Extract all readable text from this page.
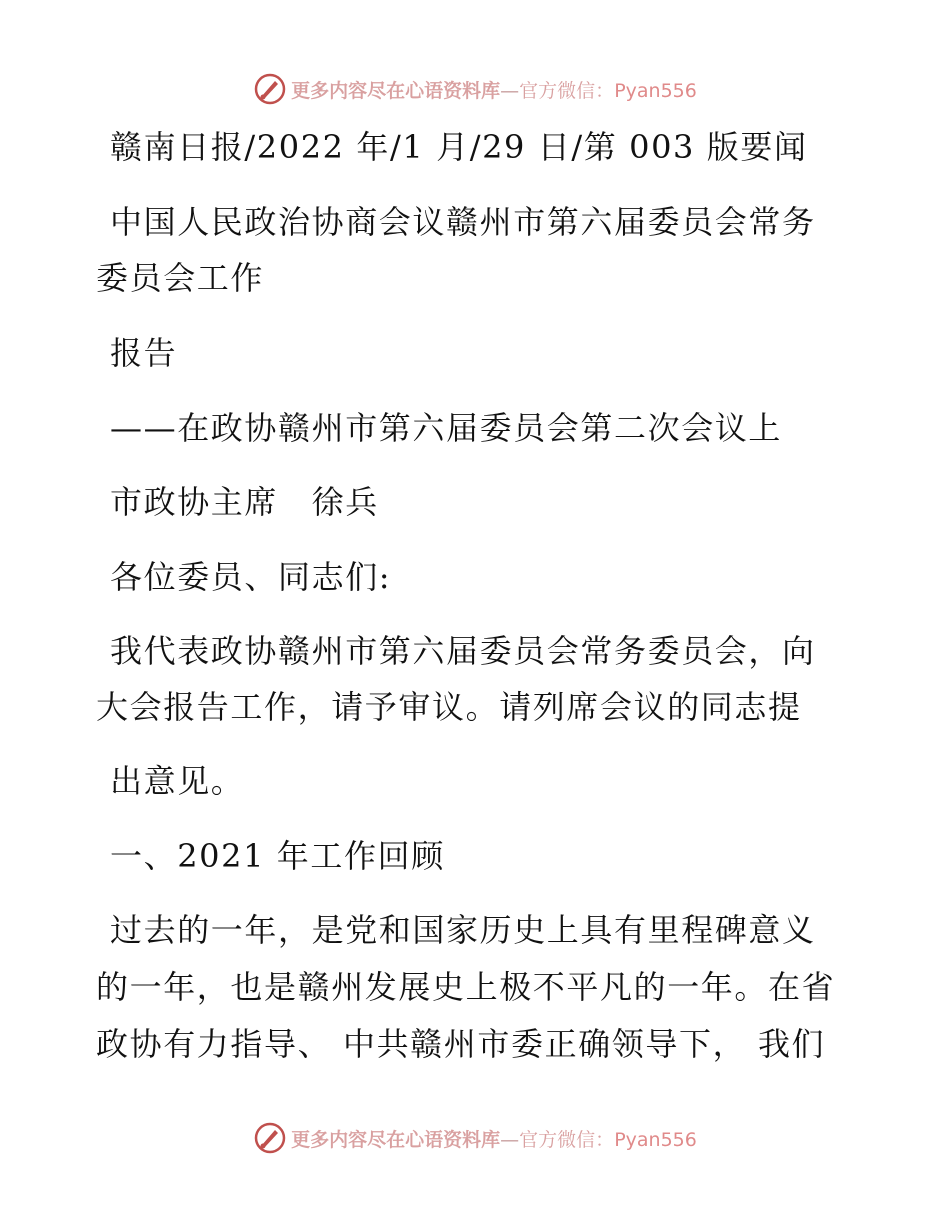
更多内容尽在心语资料库—官方微信：Pyan556
赣南日报/2022 年/1 月/29 日/第 003 版要闻
中国人民政治协商会议赣州市第六届委员会常务
委员会工作
报告
——在政协赣州市第六届委员会第二次会议上
市政协主席　徐兵
各位委员、同志们:
我代表政协赣州市第六届委员会常务委员会，向
大会报告工作，请予审议。请列席会议的同志提
出意见。
一、2021 年工作回顾
过去的一年，是党和国家历史上具有里程碑意义
的一年，也是赣州发展史上极不平凡的一年。在省
政协有力指导、 中共赣州市委正确领导下， 我们
更多内容尽在心语资料库—官方微信：Pyan556
